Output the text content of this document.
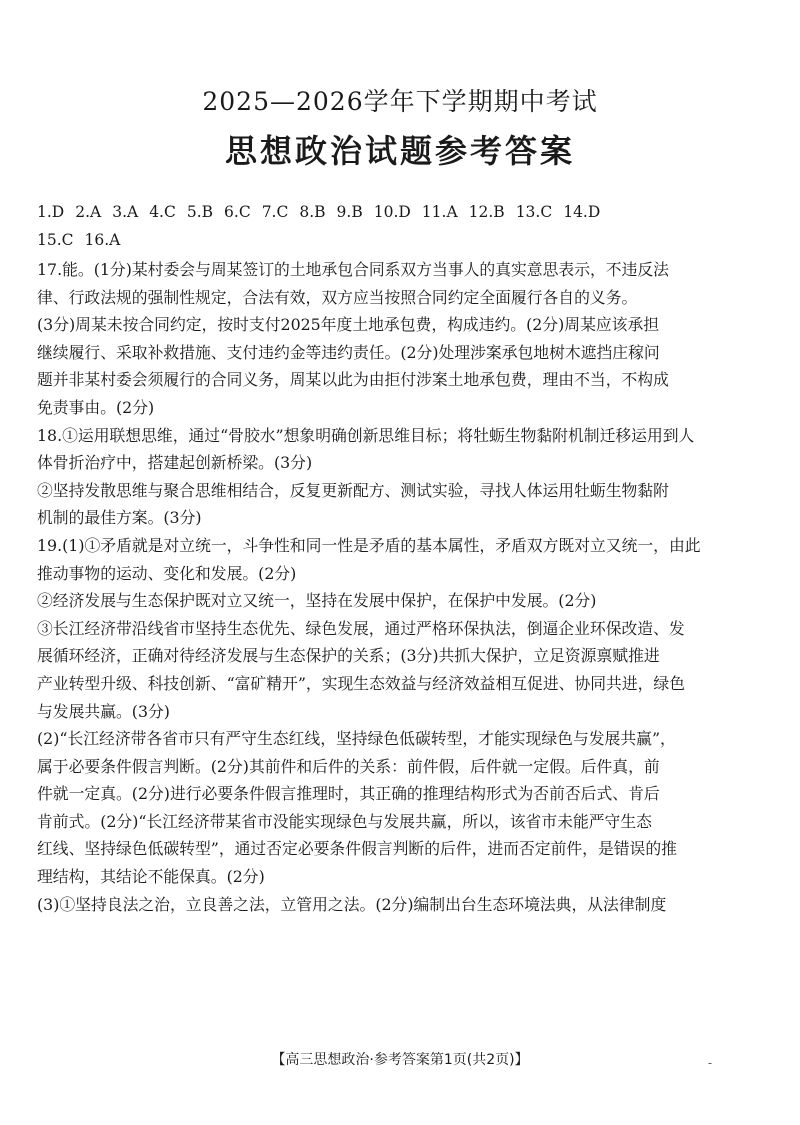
2025—2026学年下学期期中考试
思想政治试题参考答案
1.D 2.A 3.A 4.C 5.B 6.C 7.C 8.B 9.B 10.D 11.A 12.B 13.C 14.D
15.C 16.A
17.能。(1分)某村委会与周某签订的土地承包合同系双方当事人的真实意思表示，不违反法
律、行政法规的强制性规定，合法有效，双方应当按照合同约定全面履行各自的义务。
(3分)周某未按合同约定，按时支付2025年度土地承包费，构成违约。(2分)周某应该承担
继续履行、采取补救措施、支付违约金等违约责任。(2分)处理涉案承包地树木遮挡庄稼问
题并非某村委会须履行的合同义务，周某以此为由拒付涉案土地承包费，理由不当，不构成
免责事由。(2分)
18.①运用联想思维，通过“骨胶水”想象明确创新思维目标；将牡蛎生物黏附机制迁移运用到人
体骨折治疗中，搭建起创新桥梁。(3分)
②坚持发散思维与聚合思维相结合，反复更新配方、测试实验，寻找人体运用牡蛎生物黏附
机制的最佳方案。(3分)
19.(1)①矛盾就是对立统一，斗争性和同一性是矛盾的基本属性，矛盾双方既对立又统一，由此
推动事物的运动、变化和发展。(2分)
②经济发展与生态保护既对立又统一，坚持在发展中保护，在保护中发展。(2分)
③长江经济带沿线省市坚持生态优先、绿色发展，通过严格环保执法，倒逼企业环保改造、发
展循环经济，正确对待经济发展与生态保护的关系；(3分)共抓大保护，立足资源禀赋推进
产业转型升级、科技创新、“富矿精开”，实现生态效益与经济效益相互促进、协同共进，绿色
与发展共赢。(3分)
(2)“长江经济带各省市只有严守生态红线，坚持绿色低碳转型，才能实现绿色与发展共赢”，
属于必要条件假言判断。(2分)其前件和后件的关系：前件假，后件就一定假。后件真，前
件就一定真。(2分)进行必要条件假言推理时，其正确的推理结构形式为否前否后式、肯后
肯前式。(2分)“长江经济带某省市没能实现绿色与发展共赢，所以，该省市未能严守生态
红线、坚持绿色低碳转型”，通过否定必要条件假言判断的后件，进而否定前件，是错误的推
理结构，其结论不能保真。(2分)
(3)①坚持良法之治，立良善之法，立管用之法。(2分)编制出台生态环境法典，从法律制度
【高三思想政治·参考答案第1页(共2页)】	-
